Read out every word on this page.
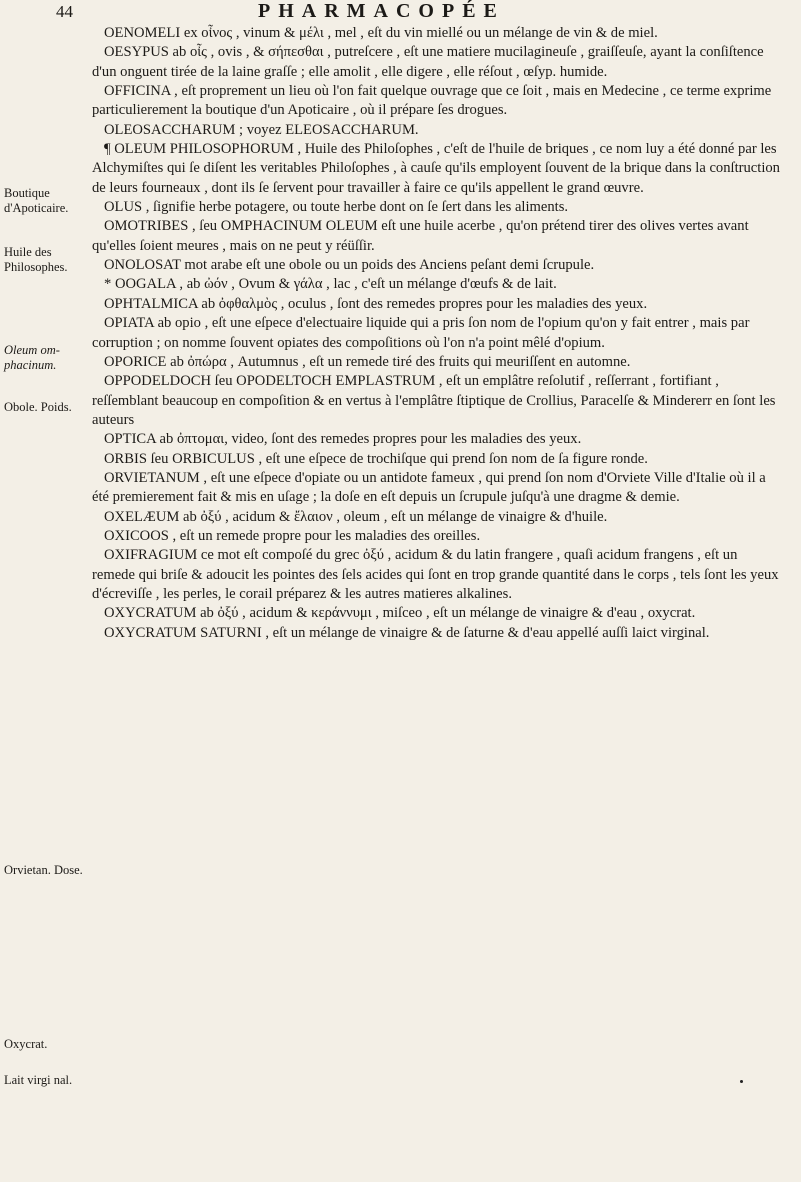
44	PHARMACOPÉE
Boutique d'Apoticaire.
Huile des Philosophes.
Oleum om-phacinum.
Obole. Poids.
Orvietan. Dose.
Oxycrat.
Lait virgi nal.

OENOMELI ex οἶνος , vinum & μέλι , mel , eſt du vin miellé ou un mélange de vin & de miel.

OESYPUS ab οἶς , ovis , & σήπεσθαι , putreſcere , eſt une matiere mucilagineuſe , graiſſeuſe, ayant la conſiſtence d'un onguent tirée de la laine graſſe ; elle amolit , elle digere , elle réſout , œſyp. humide.

OFFICINA , eſt proprement un lieu où l'on fait quelque ouvrage que ce ſoit , mais en Medecine , ce terme exprime particulierement la boutique d'un Apoticaire , où il prépare ſes drogues.

OLEOSACCHARUM ; voyez ELEOSACCHARUM.

¶ OLEUM PHILOSOPHORUM , Huile des Philoſophes , c'eſt de l'huile de briques , ce nom luy a été donné par les Alchymiſtes qui ſe diſent les veritables Philoſophes , à cauſe qu'ils employent ſouvent de la brique dans la conſtruction de leurs fourneaux , dont ils ſe ſervent pour travailler à faire ce qu'ils appellent le grand œuvre.

OLUS , ſignifie herbe potagere, ou toute herbe dont on ſe ſert dans les aliments.

OMOTRIBES , ſeu OMPHACINUM OLEUM eſt une huile acerbe , qu'on prétend tirer des olives vertes avant qu'elles ſoient meures , mais on ne peut y réüſſir.

ONOLOSAT mot arabe eſt une obole ou un poids des Anciens peſant demi ſcrupule.

* OOGALA , ab ὠόν , Ovum & γάλα , lac , c'eſt un mélange d'œufs & de lait.

OPHTALMICA ab ὀφθαλμὸς , oculus , ſont des remedes propres pour les maladies des yeux.

OPIATA ab opio , eſt une eſpece d'electuaire liquide qui a pris ſon nom de l'opium qu'on y fait entrer , mais par corruption ; on nomme ſouvent opiates des compoſitions où l'on n'a point mêlé d'opium.

OPORICE ab ὀπώρα , Autumnus , eſt un remede tiré des fruits qui meuriſſent en automne.

OPPODELDOCH ſeu OPODELTOCH EMPLASTRUM , eſt un emplâtre reſolutif , reſſerrant , fortifiant , reſſemblant beaucoup en compoſition & en vertus à l'emplâtre ſtiptique de Crollius, Paracelſe & Mindererr en ſont les auteurs

OPTICA ab ὀπτομαι, video, ſont des remedes propres pour les maladies des yeux.

ORBIS ſeu ORBICULUS , eſt une eſpece de trochiſque qui prend ſon nom de ſa figure ronde.

ORVIETANUM , eſt une eſpece d'opiate ou un antidote fameux , qui prend ſon nom d'Orviete Ville d'Italie où il a été premierement fait & mis en uſage ; la doſe en eſt depuis un ſcrupule juſqu'à une dragme & demie.

OXELÆUM ab ὀξύ , acidum & ἔλαιον , oleum , eſt un mélange de vinaigre & d'huile.

OXICOOS , eſt un remede propre pour les maladies des oreilles.

OXIFRAGIUM ce mot eſt compoſé du grec ὀξύ , acidum & du latin frangere , quaſi acidum frangens , eſt un remede qui briſe & adoucit les pointes des ſels acides qui ſont en trop grande quantité dans le corps , tels ſont les yeux d'écreviſſe , les perles, le corail préparez & les autres matieres alkalines.

OXYCRATUM ab ὀξύ , acidum & κεράννυμι , miſceo , eſt un mélange de vinaigre & d'eau , oxycrat.

OXYCRATUM SATURNI , eſt un mélange de vinaigre & de ſaturne & d'eau appellé auſſi laict virginal.
